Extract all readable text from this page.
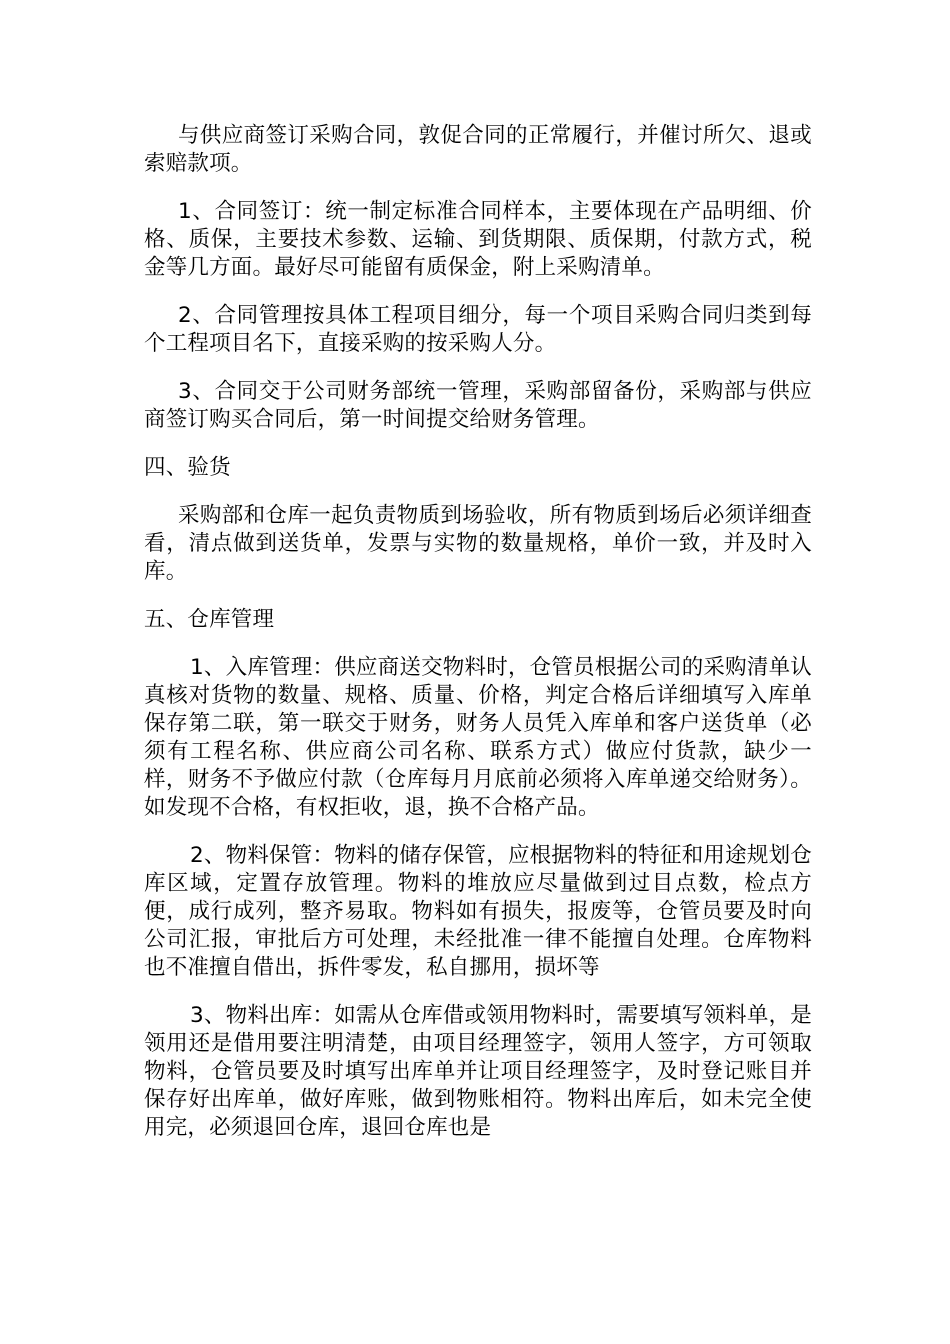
与供应商签订采购合同，敦促合同的正常履行，并催讨所欠、退或索赔款项。

1、合同签订：统一制定标准合同样本，主要体现在产品明细、价格、质保，主要技术参数、运输、到货期限、质保期，付款方式，税金等几方面。最好尽可能留有质保金，附上采购清单。

2、合同管理按具体工程项目细分，每一个项目采购合同归类到每个工程项目名下，直接采购的按采购人分。

3、合同交于公司财务部统一管理，采购部留备份，采购部与供应商签订购买合同后，第一时间提交给财务管理。

四、验货

采购部和仓库一起负责物质到场验收，所有物质到场后必须详细查看，清点做到送货单，发票与实物的数量规格，单价一致，并及时入库。

五、仓库管理

1、入库管理：供应商送交物料时，仓管员根据公司的采购清单认真核对货物的数量、规格、质量、价格，判定合格后详细填写入库单保存第二联，第一联交于财务，财务人员凭入库单和客户送货单（必须有工程名称、供应商公司名称、联系方式）做应付货款，缺少一样，财务不予做应付款（仓库每月月底前必须将入库单递交给财务）。如发现不合格，有权拒收，退，换不合格产品。

2、物料保管：物料的储存保管，应根据物料的特征和用途规划仓库区域，定置存放管理。物料的堆放应尽量做到过目点数，检点方便，成行成列，整齐易取。物料如有损失，报废等，仓管员要及时向公司汇报，审批后方可处理，未经批准一律不能擅自处理。仓库物料也不准擅自借出，拆件零发，私自挪用，损坏等

3、物料出库：如需从仓库借或领用物料时，需要填写领料单，是领用还是借用要注明清楚，由项目经理签字，领用人签字，方可领取物料，仓管员要及时填写出库单并让项目经理签字，及时登记账目并保存好出库单，做好库账，做到物账相符。物料出库后，如未完全使用完，必须退回仓库，退回仓库也是
